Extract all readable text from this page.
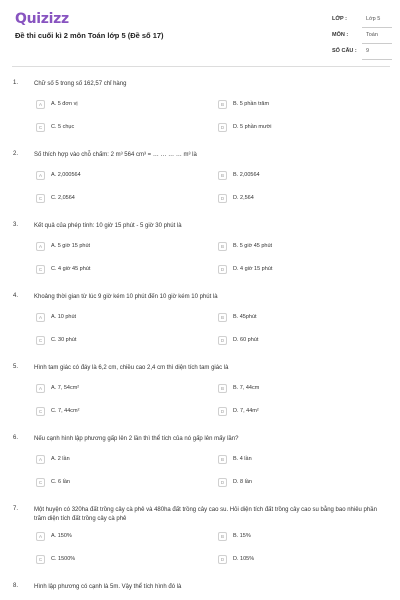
Quizizz
Đề thi cuối kì 2 môn Toán lớp 5 (Đề số 17)
LỚP :	Lớp 5
MÔN :	Toán
SỐ CÂU : 9
1.	Chữ số 5 trong số 162,57 chỉ hàng
A	A. 5 đơn vị	B	B. 5 phần trăm
C	C. 5 chục	D	D. 5 phần mười
2.	Số thích hợp vào chỗ chấm: 2 m³ 564 cm³ = … … … … m³ là
A	A. 2,000564	B	B. 2,00564
C	C. 2,0564	D	D. 2,564
3.	Kết quả của phép tính: 10 giờ 15 phút - 5 giờ 30 phút là
A	A. 5 giờ 15 phút	B	B. 5 giờ 45 phút
C	C. 4 giờ 45 phút	D	D. 4 giờ 15 phút
4.	Khoảng thời gian từ lúc 9 giờ kém 10 phút đến 10 giờ kém 10 phút là
A	A. 10 phút	B	B. 45phút
C	C. 30 phút	D	D. 60 phút
5.	Hình tam giác có đáy là 6,2 cm, chiều cao 2,4 cm thì diện tích tam giác là
A	A. 7, 54cm²	B	B. 7, 44cm
C	C. 7, 44cm²	D	D. 7, 44m²
6.	Nếu cạnh hình lập phương gấp lên 2 lần thì thể tích của nó gấp lên mấy lần?
A	A. 2 lần	B	B. 4 lần
C	C. 6 lần	D	D. 8 lần
7.	Một huyện có 320ha đất trồng cây cà phê và 480ha đất trồng cây cao su. Hỏi diện tích đất trồng cây cao su bằng bao nhiêu phần trăm diện tích đất trồng cây cà phê
A	A. 150%	B	B. 15%
C	C. 1500%	D	D. 105%
8.	Hình lập phương có cạnh là 5m. Vậy thể tích hình đó là
